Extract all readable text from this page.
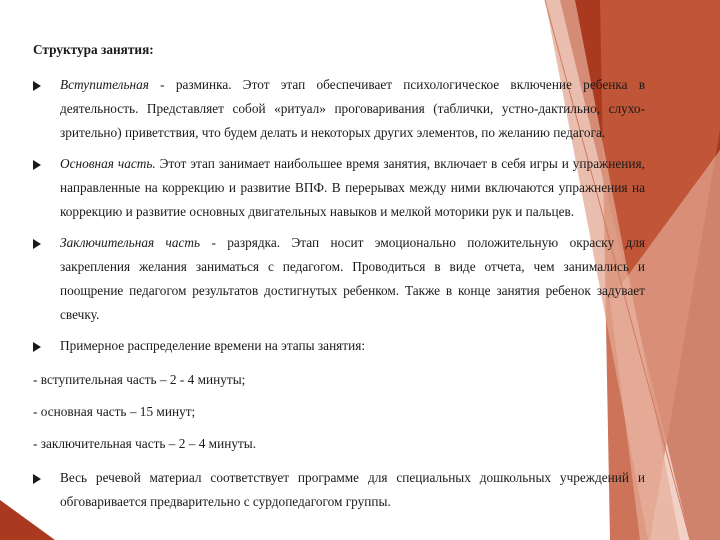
Структура занятия:
Вступительная - разминка. Этот этап обеспечивает психологическое включение ребенка в деятельность. Представляет собой «ритуал» проговаривания (таблички, устно-дактильно, слухо-зрительно) приветствия, что будем делать и некоторых других элементов, по желанию педагога.
Основная часть. Этот этап занимает наибольшее время занятия, включает в себя игры и упражнения, направленные на коррекцию и развитие ВПФ. В перерывах между ними включаются упражнения на коррекцию и развитие основных двигательных навыков и мелкой моторики рук и пальцев.
Заключительная часть - разрядка. Этап носит эмоционально положительную окраску для закрепления желания заниматься с педагогом. Проводиться в виде отчета, чем занимались и поощрение педагогом результатов достигнутых ребенком. Также в конце занятия ребенок задувает свечку.
Примерное распределение времени на этапы занятия:

- вступительная часть – 2 - 4 минуты;

- основная часть – 15 минут;

- заключительная часть – 2 – 4 минуты.

Весь речевой материал соответствует программе для специальных дошкольных учреждений и обговаривается предварительно с сурдопедагогом группы.
